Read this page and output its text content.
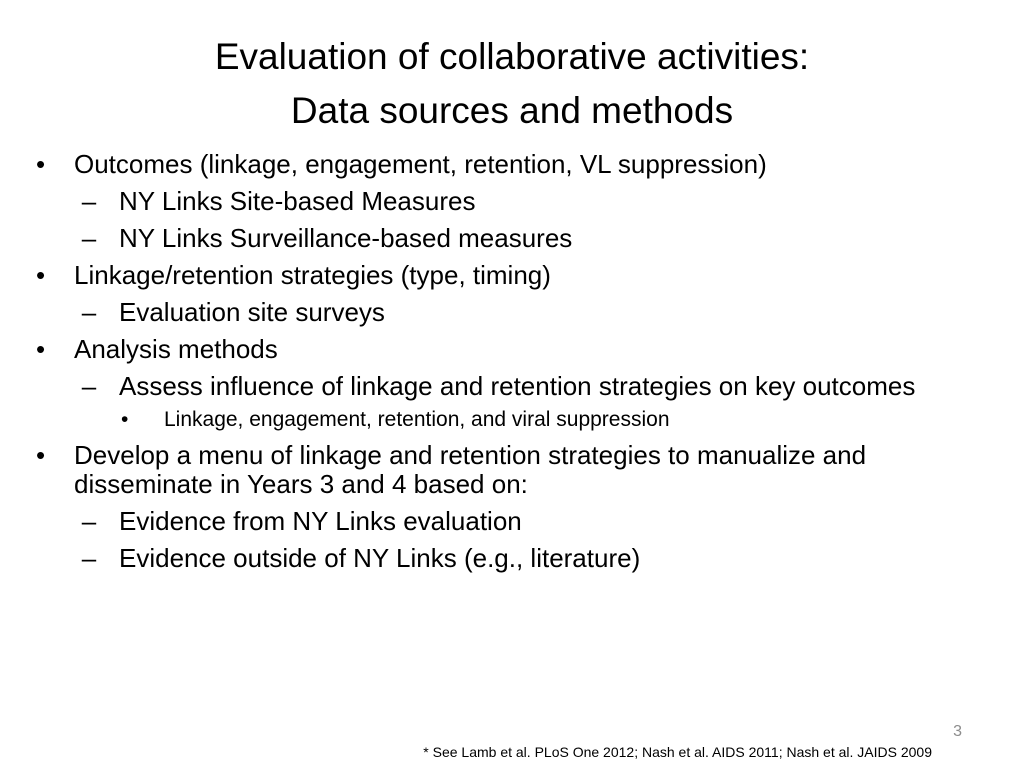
Evaluation of collaborative activities:
Data sources and methods
•	Outcomes (linkage, engagement, retention, VL suppression)
– NY Links Site-based Measures
– NY Links Surveillance-based measures
•	Linkage/retention strategies (type, timing)
– Evaluation site surveys
•	Analysis methods
– Assess influence of linkage and retention strategies on key outcomes
•	Linkage, engagement, retention, and viral suppression
•	Develop a menu of linkage and retention strategies to manualize and disseminate in Years 3 and 4 based on:
– Evidence from NY Links evaluation
– Evidence outside of NY Links (e.g., literature)
3
* See Lamb et al. PLoS One 2012; Nash et al. AIDS 2011; Nash et al. JAIDS 2009
